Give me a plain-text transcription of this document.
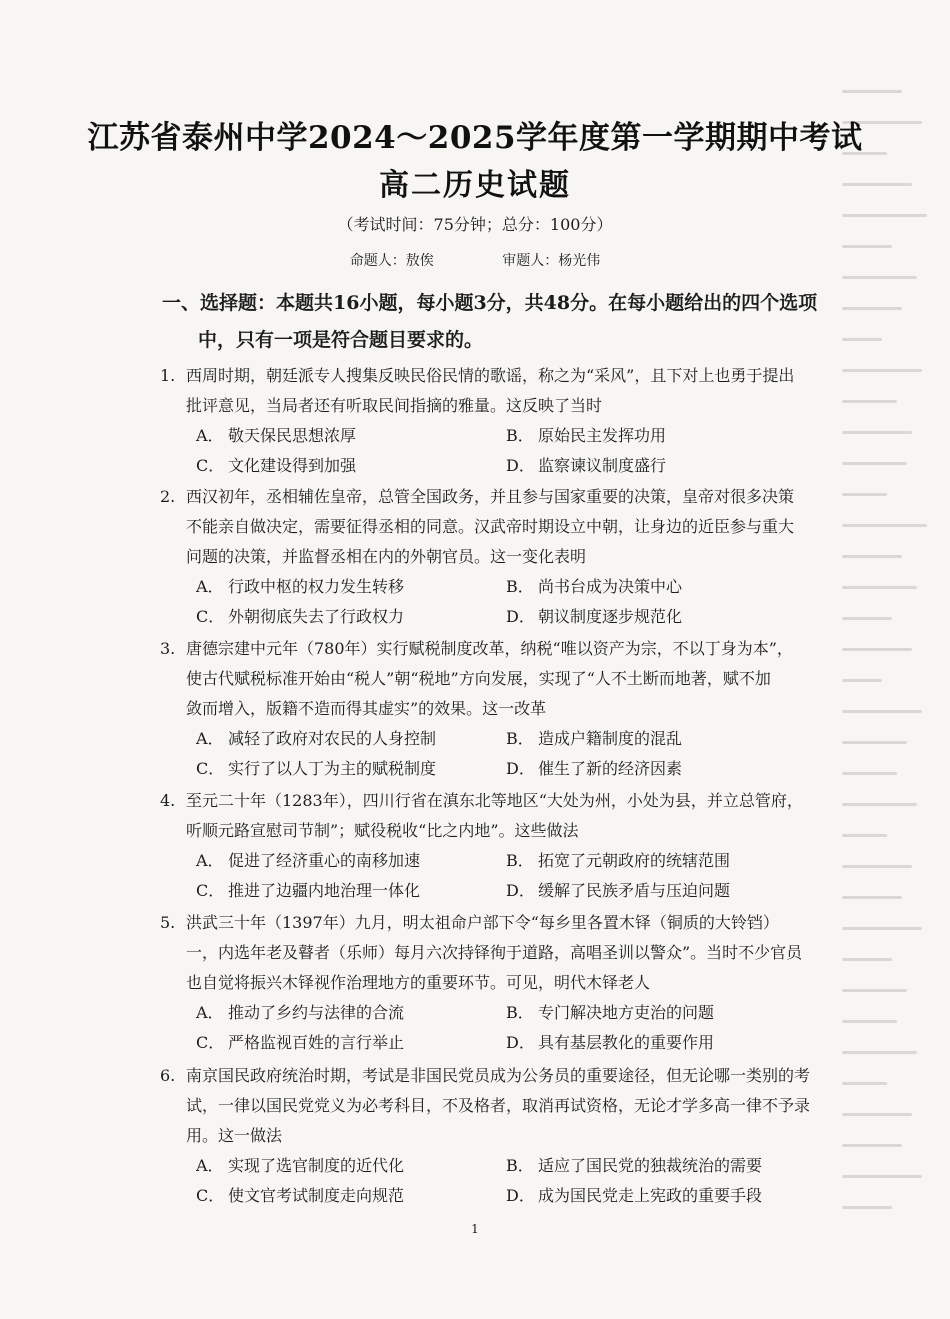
江苏省泰州中学2024～2025学年度第一学期期中考试
高二历史试题
（考试时间：75分钟；总分：100分）
命题人：敖俟	审题人：杨光伟
一、选择题：本题共16小题，每小题3分，共48分。在每小题给出的四个选项
中，只有一项是符合题目要求的。
1. 西周时期，朝廷派专人搜集反映民俗民情的歌谣，称之为“采风”，且下对上也勇于提出
批评意见，当局者还有听取民间指摘的雅量。这反映了当时
A． 敬天保民思想浓厚	B． 原始民主发挥功用
C． 文化建设得到加强	D． 监察谏议制度盛行
2. 西汉初年，丞相辅佐皇帝，总管全国政务，并且参与国家重要的决策，皇帝对很多决策
不能亲自做决定，需要征得丞相的同意。汉武帝时期设立中朝，让身边的近臣参与重大
问题的决策，并监督丞相在内的外朝官员。这一变化表明
A． 行政中枢的权力发生转移	B． 尚书台成为决策中心
C． 外朝彻底失去了行政权力	D． 朝议制度逐步规范化
3. 唐德宗建中元年（780年）实行赋税制度改革，纳税“唯以资产为宗，不以丁身为本”，
使古代赋税标准开始由“税人”朝“税地”方向发展，实现了“人不土断而地著，赋不加
敛而增入，版籍不造而得其虚实”的效果。这一改革
A． 减轻了政府对农民的人身控制	B． 造成户籍制度的混乱
C． 实行了以人丁为主的赋税制度	D． 催生了新的经济因素
4. 至元二十年（1283年），四川行省在滇东北等地区“大处为州，小处为县，并立总管府，
听顺元路宣慰司节制”；赋役税收“比之内地”。这些做法
A． 促进了经济重心的南移加速	B． 拓宽了元朝政府的统辖范围
C． 推进了边疆内地治理一体化	D． 缓解了民族矛盾与压迫问题
5. 洪武三十年（1397年）九月，明太祖命户部下令“每乡里各置木铎（铜质的大铃铛）
一，内选年老及瞽者（乐师）每月六次持铎徇于道路，高唱圣训以警众”。当时不少官员
也自觉将振兴木铎视作治理地方的重要环节。可见，明代木铎老人
A． 推动了乡约与法律的合流	B． 专门解决地方吏治的问题
C． 严格监视百姓的言行举止	D． 具有基层教化的重要作用
6. 南京国民政府统治时期，考试是非国民党员成为公务员的重要途径，但无论哪一类别的考
试，一律以国民党党义为必考科目，不及格者，取消再试资格，无论才学多高一律不予录
用。这一做法
A． 实现了选官制度的近代化	B． 适应了国民党的独裁统治的需要
C． 使文官考试制度走向规范	D． 成为国民党走上宪政的重要手段
1
